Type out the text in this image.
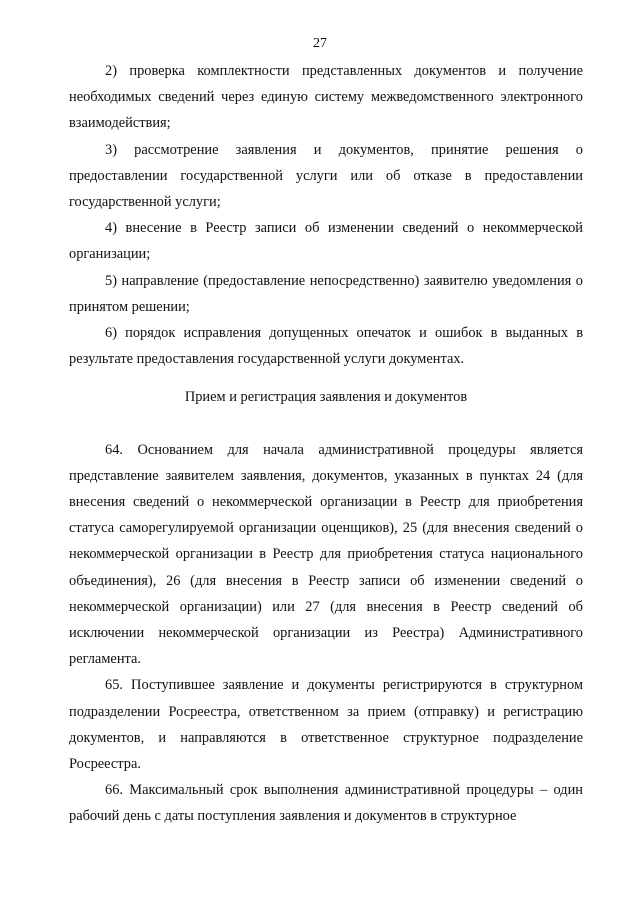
27

2) проверка комплектности представленных документов и получение необходимых сведений через единую систему межведомственного электронного взаимодействия;

3) рассмотрение заявления и документов, принятие решения о предоставлении государственной услуги или об отказе в предоставлении государственной услуги;

4) внесение в Реестр записи об изменении сведений о некоммерческой организации;

5) направление (предоставление непосредственно) заявителю уведомления о принятом решении;

6) порядок исправления допущенных опечаток и ошибок в выданных в результате предоставления государственной услуги документах.

Прием и регистрация заявления и документов

64. Основанием для начала административной процедуры является представление заявителем заявления, документов, указанных в пунктах 24 (для внесения сведений о некоммерческой организации в Реестр для приобретения статуса саморегулируемой организации оценщиков), 25 (для внесения сведений о некоммерческой организации в Реестр для приобретения статуса национального объединения), 26 (для внесения в Реестр записи об изменении сведений о некоммерческой организации) или 27 (для внесения в Реестр сведений об исключении некоммерческой организации из Реестра) Административного регламента.

65. Поступившее заявление и документы регистрируются в структурном подразделении Росреестра, ответственном за прием (отправку) и регистрацию документов, и направляются в ответственное структурное подразделение Росреестра.

66. Максимальный срок выполнения административной процедуры – один рабочий день с даты поступления заявления и документов в структурное
